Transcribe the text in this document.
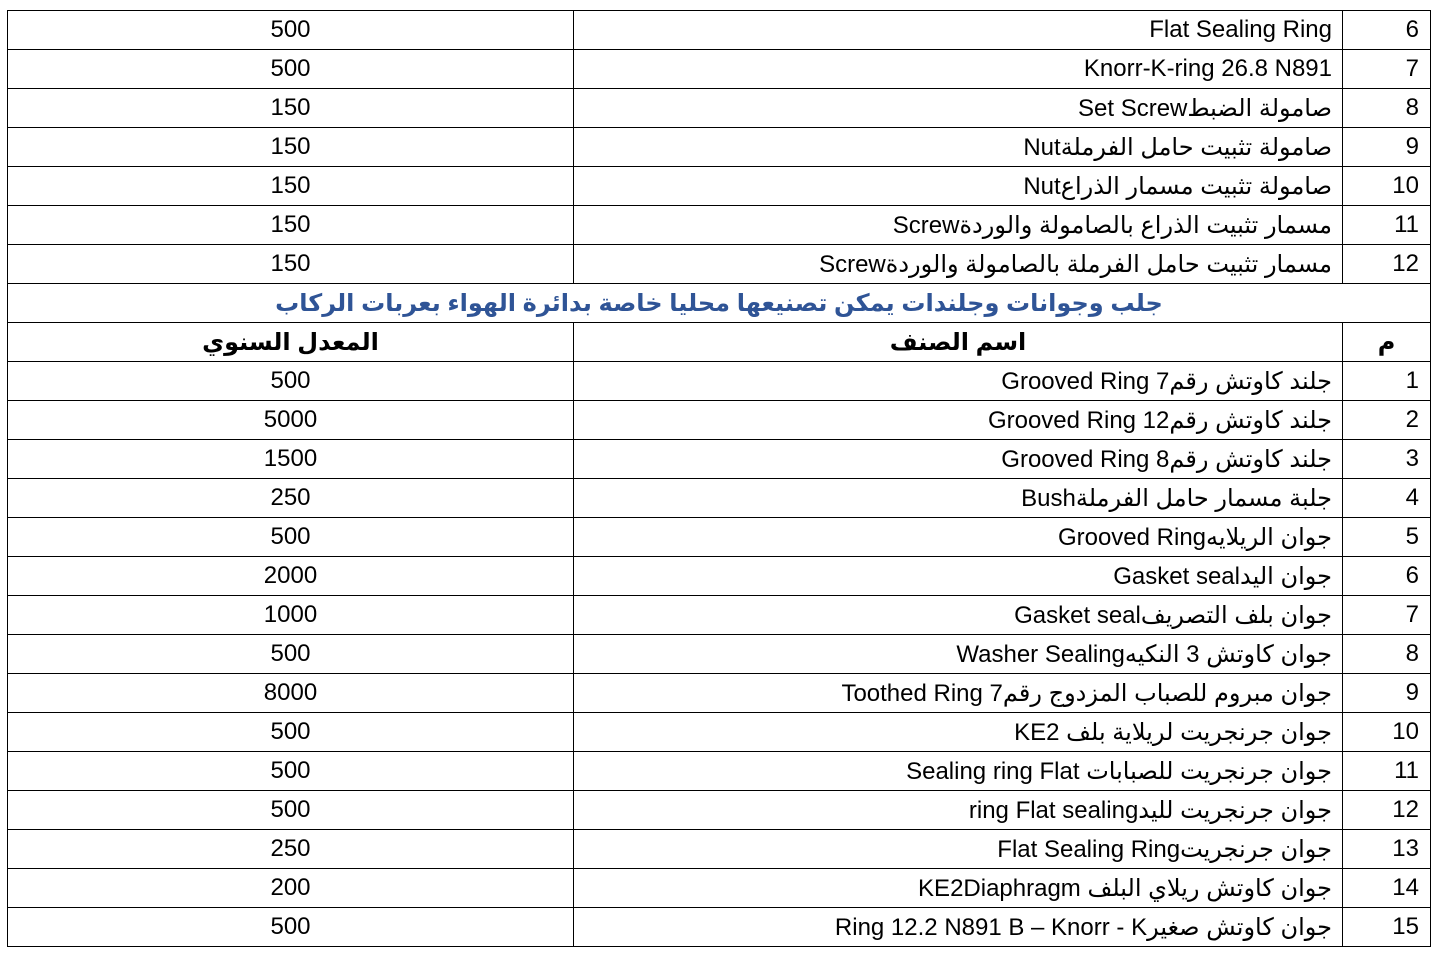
500	Flat Sealing Ring	6
500	Knorr-K-ring 26.8 N891	7
150	Set Screwصامولة الضبط	8
150	Nutصامولة تثبيت حامل الفرملة	9
150	Nutصامولة تثبيت مسمار الذراع	10
150	Screwمسمار تثبيت الذراع بالصامولة والوردة	11
150	Screwمسمار تثبيت حامل الفرملة بالصامولة والوردة	12
جلب وجوانات وجلندات يمكن تصنيعها محليا خاصة بدائرة الهواء بعربات الركاب		
المعدل السنوي	اسم الصنف	م
500	Grooved Ring 7جلند كاوتش رقم	1
5000	Grooved Ring 12جلند كاوتش رقم	2
1500	Grooved Ring 8جلند كاوتش رقم	3
250	Bushجلبة مسمار حامل الفرملة	4
500	Grooved Ringجوان الريلايه	5
2000	Gasket sealجوان اليد	6
1000	Gasket sealجوان بلف التصريف	7
500	Washer Sealingجوان كاوتش 3 النكيه	8
8000	Toothed Ring 7جوان مبروم للصباب المزدوج رقم	9
500	KE2 جوان جرنجريت لريلاية بلف	10
500	Sealing ring Flat جوان جرنجريت للصبابات	11
500	ring Flat sealingجوان جرنجريت لليد	12
250	Flat Sealing Ringجوان جرنجريت	13
200	KE2Diaphragm جوان كاوتش ريلاي البلف	14
500	Ring 12.2 N891 B – Knorr - Kجوان كاوتش صغير	15
